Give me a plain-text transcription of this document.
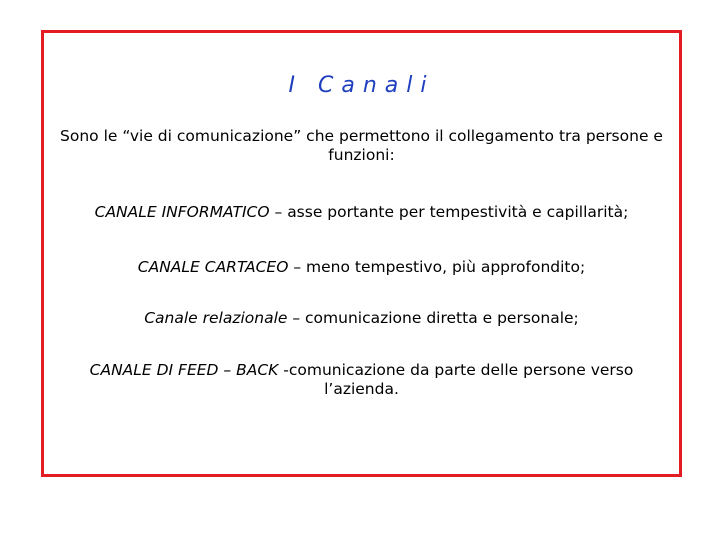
I Canali
Sono le “vie di comunicazione” che permettono il collegamento tra persone e funzioni:
CANALE INFORMATICO – asse portante per tempestività e capillarità;
CANALE CARTACEO – meno tempestivo, più approfondito;
Canale relazionale – comunicazione diretta e personale;
CANALE DI FEED – BACK -comunicazione da parte delle persone verso l’azienda.
